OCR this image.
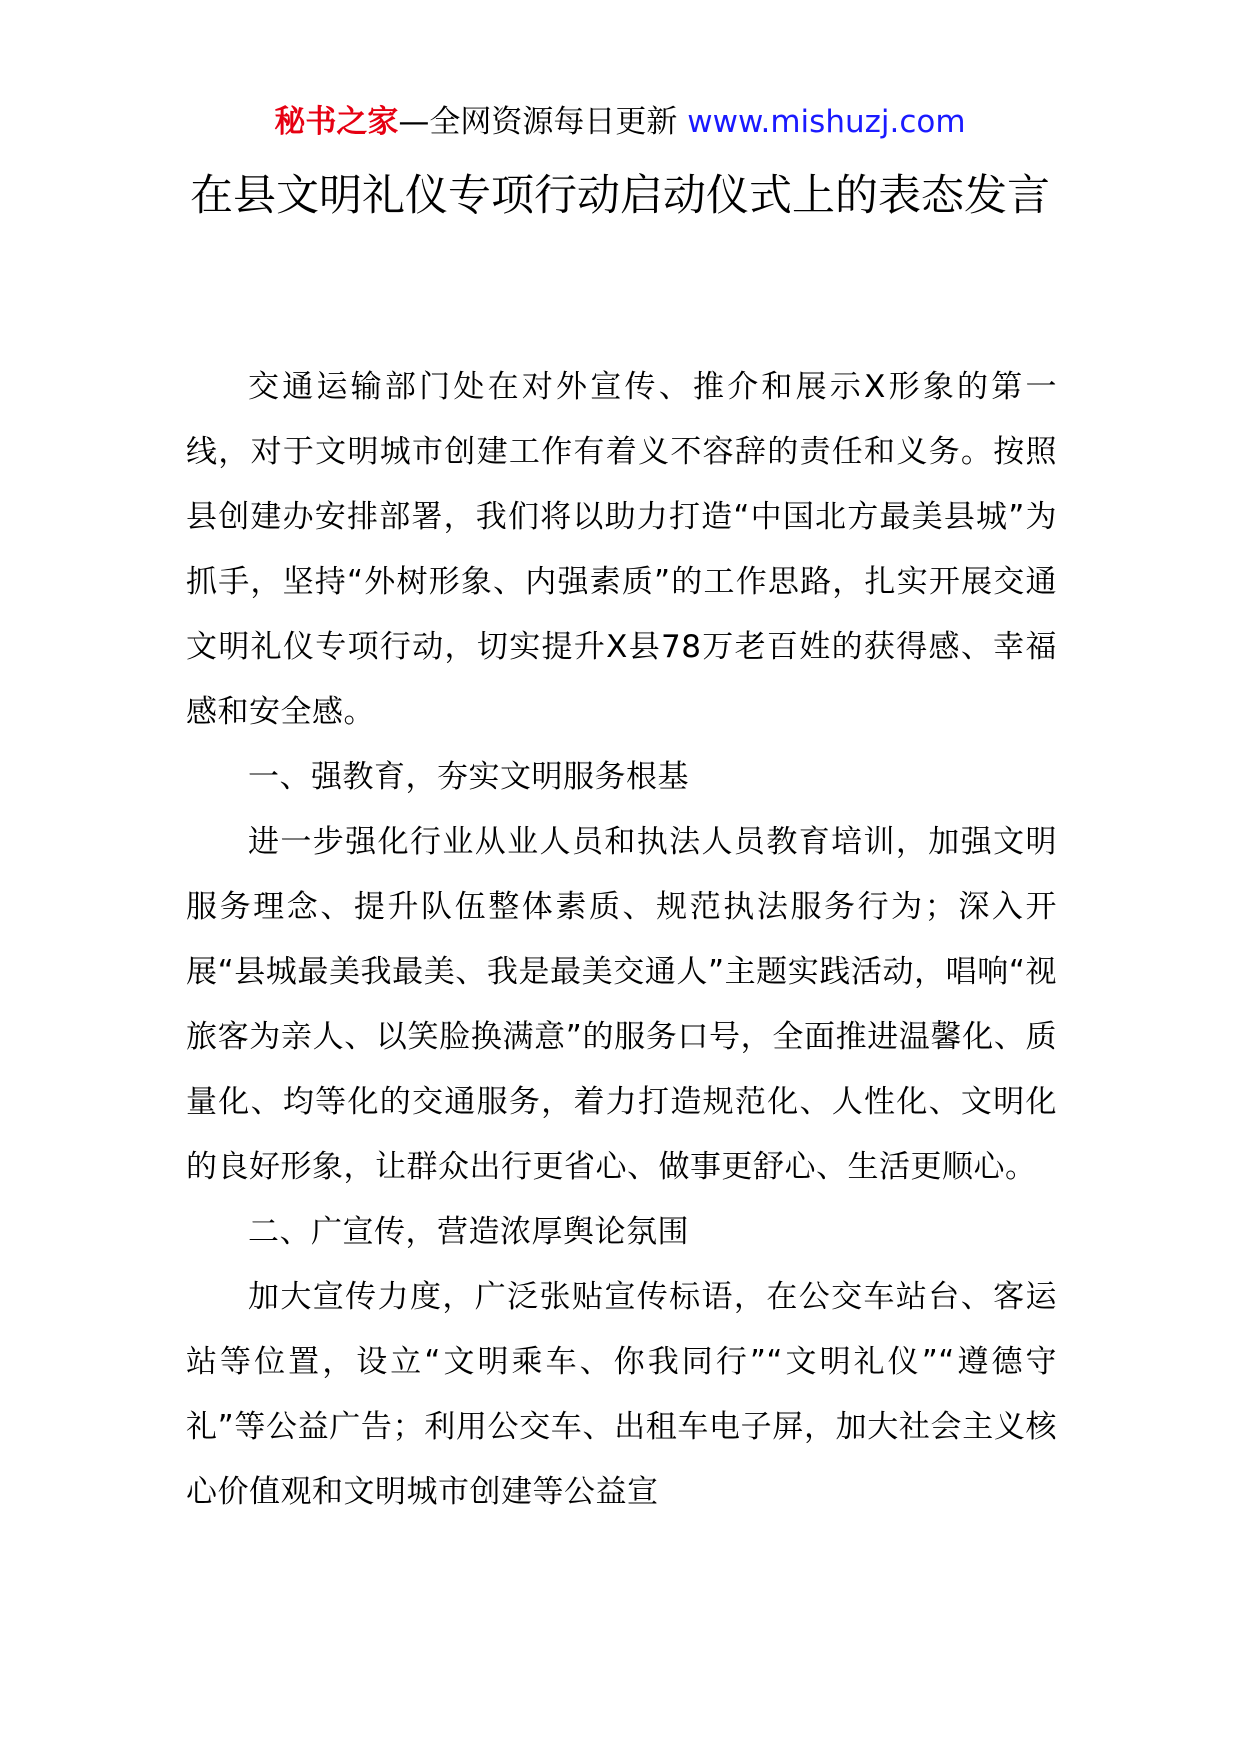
秘书之家—全网资源每日更新 www.mishuzj.com
在县文明礼仪专项行动启动仪式上的表态发言

交通运输部门处在对外宣传、推介和展示X形象的第一线，对于文明城市创建工作有着义不容辞的责任和义务。按照县创建办安排部署，我们将以助力打造“中国北方最美县城”为抓手，坚持“外树形象、内强素质”的工作思路，扎实开展交通文明礼仪专项行动，切实提升X县78万老百姓的获得感、幸福感和安全感。

一、强教育，夯实文明服务根基

进一步强化行业从业人员和执法人员教育培训，加强文明服务理念、提升队伍整体素质、规范执法服务行为；深入开展“县城最美我最美、我是最美交通人”主题实践活动，唱响“视旅客为亲人、以笑脸换满意”的服务口号，全面推进温馨化、质量化、均等化的交通服务，着力打造规范化、人性化、文明化的良好形象，让群众出行更省心、做事更舒心、生活更顺心。

二、广宣传，营造浓厚舆论氛围

加大宣传力度，广泛张贴宣传标语，在公交车站台、客运站等位置，设立“文明乘车、你我同行”“文明礼仪”“遵德守礼”等公益广告；利用公交车、出租车电子屏，加大社会主义核心价值观和文明城市创建等公益宣
